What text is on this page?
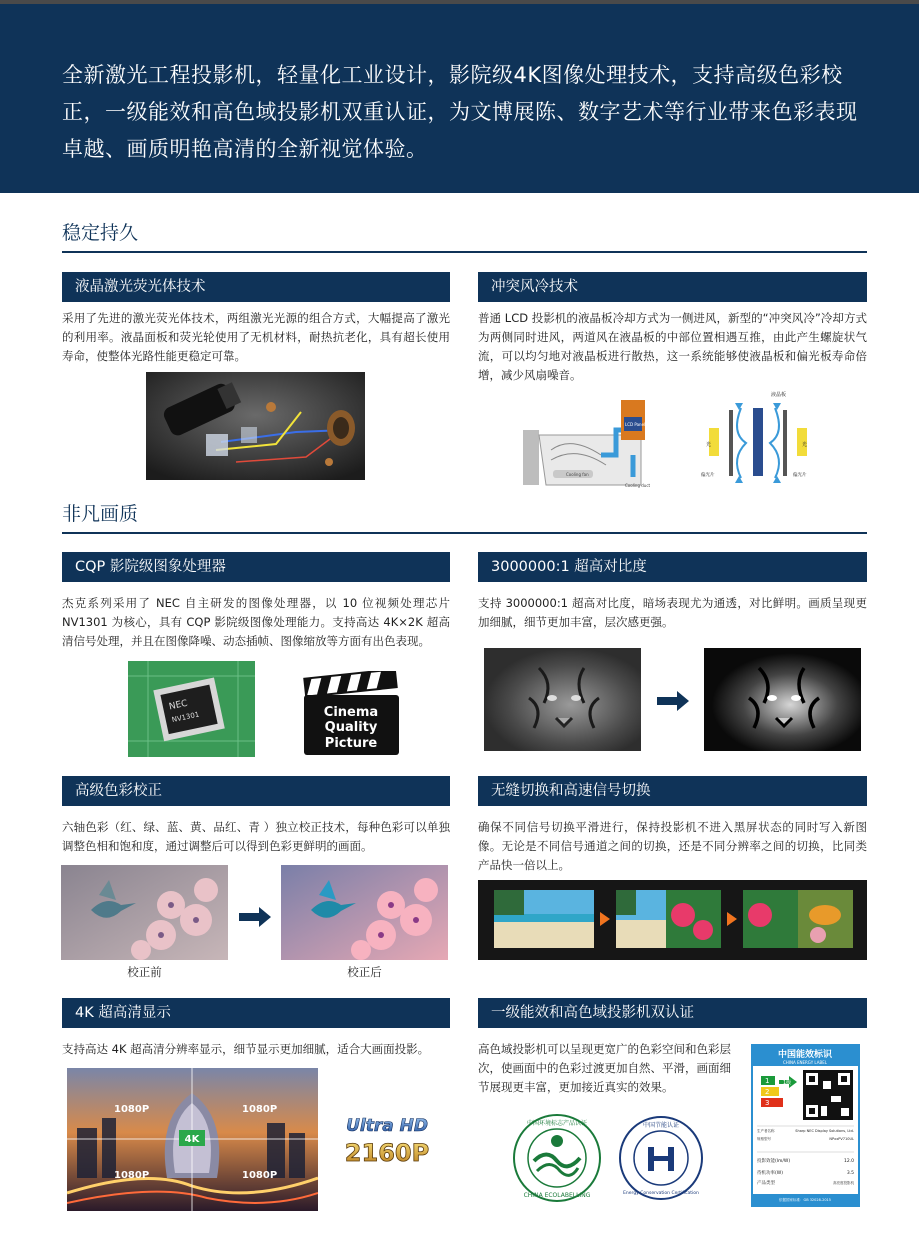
全新激光工程投影机，轻量化工业设计，影院级4K图像处理技术，支持高级色彩校正，一级能效和高色域投影机双重认证，为文博展陈、数字艺术等行业带来色彩表现卓越、画质明艳高清的全新视觉体验。

稳定持久
液晶激光荧光体技术
采用了先进的激光荧光体技术，两组激光光源的组合方式，大幅提高了激光的利用率。液晶面板和荧光轮使用了无机材料，耐热抗老化，具有超长使用寿命，使整体光路性能更稳定可靠。
冲突风冷技术
普通 LCD 投影机的液晶板冷却方式为一侧进风，新型的“冲突风冷”冷却方式为两侧同时进风，两道风在液晶板的中部位置相遇互推，由此产生螺旋状气流，可以均匀地对液晶板进行散热，这一系统能够使液晶板和偏光板寿命倍增，减少风扇噪音。
LCD Panel
Cooling fan
Cooling duct
液晶板
光	光
偏光片	偏光片
非凡画质
CQP 影院级图象处理器
杰克系列采用了 NEC 自主研发的图像处理器，以 10 位视频处理芯片 NV1301 为核心，具有 CQP 影院级图像处理能力。支持高达 4K×2K 超高清信号处理，并且在图像降噪、动态插帧、图像缩放等方面有出色表现。
NEC
NV1301	Cinema
Quality
Picture
3000000:1 超高对比度
支持 3000000:1 超高对比度，暗场表现尤为通透，对比鲜明。画质呈现更加细腻，细节更加丰富，层次感更强。
高级色彩校正
六轴色彩（红、绿、蓝、黄、品红、青 ）独立校正技术，每种色彩可以单独调整色相和饱和度，通过调整后可以得到色彩更鲜明的画面。
校正前	校正后
无缝切换和高速信号切换
确保不同信号切换平滑进行，保持投影机不进入黑屏状态的同时写入新图像。无论是不同信号通道之间的切换，还是不同分辨率之间的切换，比同类产品快一倍以上。
4K 超高清显示
支持高达 4K 超高清分辨率显示，细节显示更加细腻，适合大画面投影。
4K
1080P	1080P
1080P	1080P
Ultra HD
2160P
一级能效和高色域投影机双认证
高色域投影机可以呈现更宽广的色彩空间和色彩层次，使画面中的色彩过渡更加自然、平滑，画面细节展现更丰富，更加接近真实的效果。
中国环境标志产品认证
CHINA ECOLABELLING
中国节能认证
Energy Conservation Certification
中国能效标识
CHINA ENERGY LABEL
1
2
3
1级
生产者名称	Sharp NEC Display Solutions, Ltd.
规格型号	NPxxPV710UL
投影效能(lm/W)	12.0
待机功率(W)	3.5
产品类型	高亮度投影机
依据国家标准：GB 32028-2015
